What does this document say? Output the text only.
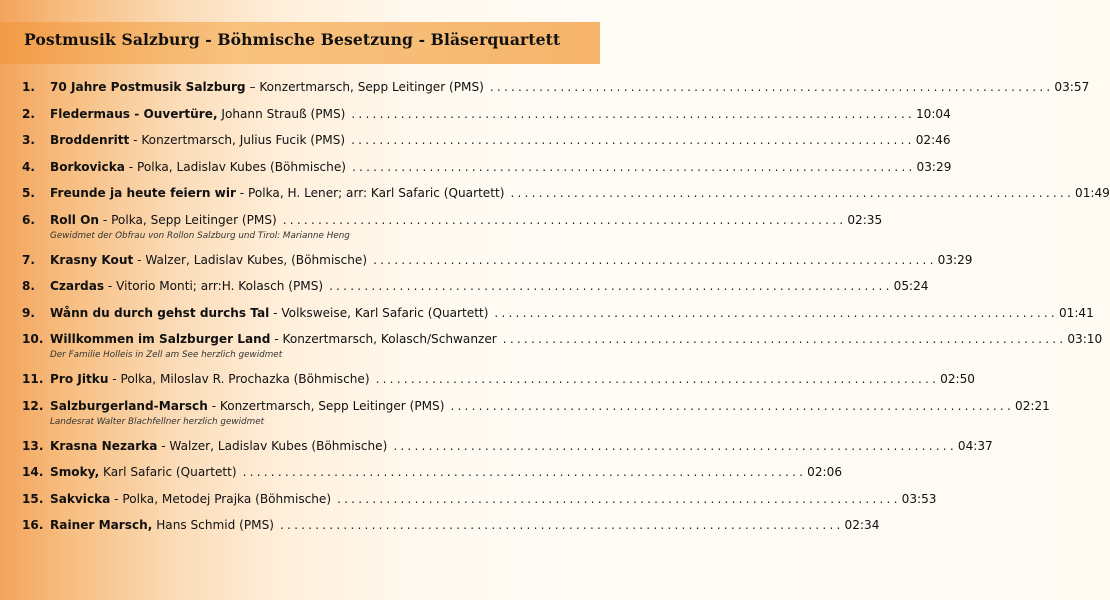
Postmusik Salzburg - Böhmische Besetzung - Bläserquartett
1.	70 Jahre Postmusik Salzburg – Konzertmarsch, Sepp Leitinger (PMS) ................................................................................ 03:57
2.	Fledermaus - Ouvertüre, Johann Strauß (PMS) ................................................................................ 10:04
3.	Broddenritt - Konzertmarsch, Julius Fucik (PMS) ................................................................................ 02:46
4.	Borkovicka - Polka, Ladislav Kubes (Böhmische) ................................................................................ 03:29
5.	Freunde ja heute feiern wir - Polka, H. Lener; arr: Karl Safaric (Quartett) ................................................................................ 01:49
6.	Roll On - Polka, Sepp Leitinger (PMS) ................................................................................ 02:35
Gewidmet der Obfrau von Rollon Salzburg und Tirol: Marianne Heng
7.	Krasny Kout - Walzer, Ladislav Kubes, (Böhmische) ................................................................................ 03:29
8.	Czardas - Vitorio Monti; arr:H. Kolasch (PMS) ................................................................................ 05:24
9.	Wånn du durch gehst durchs Tal - Volksweise, Karl Safaric (Quartett) ................................................................................ 01:41
10. Willkommen im Salzburger Land - Konzertmarsch, Kolasch/Schwanzer ................................................................................ 03:10
Der Familie Holleis in Zell am See herzlich gewidmet
11. Pro Jitku - Polka, Miloslav R. Prochazka (Böhmische) ................................................................................ 02:50
12. Salzburgerland-Marsch - Konzertmarsch, Sepp Leitinger (PMS) ................................................................................ 02:21
Landesrat Walter Blachfellner herzlich gewidmet
13. Krasna Nezarka - Walzer, Ladislav Kubes (Böhmische) ................................................................................ 04:37
14. Smoky, Karl Safaric (Quartett) ................................................................................ 02:06
15. Sakvicka - Polka, Metodej Prajka (Böhmische) ................................................................................ 03:53
16. Rainer Marsch, Hans Schmid (PMS) ................................................................................ 02:34
